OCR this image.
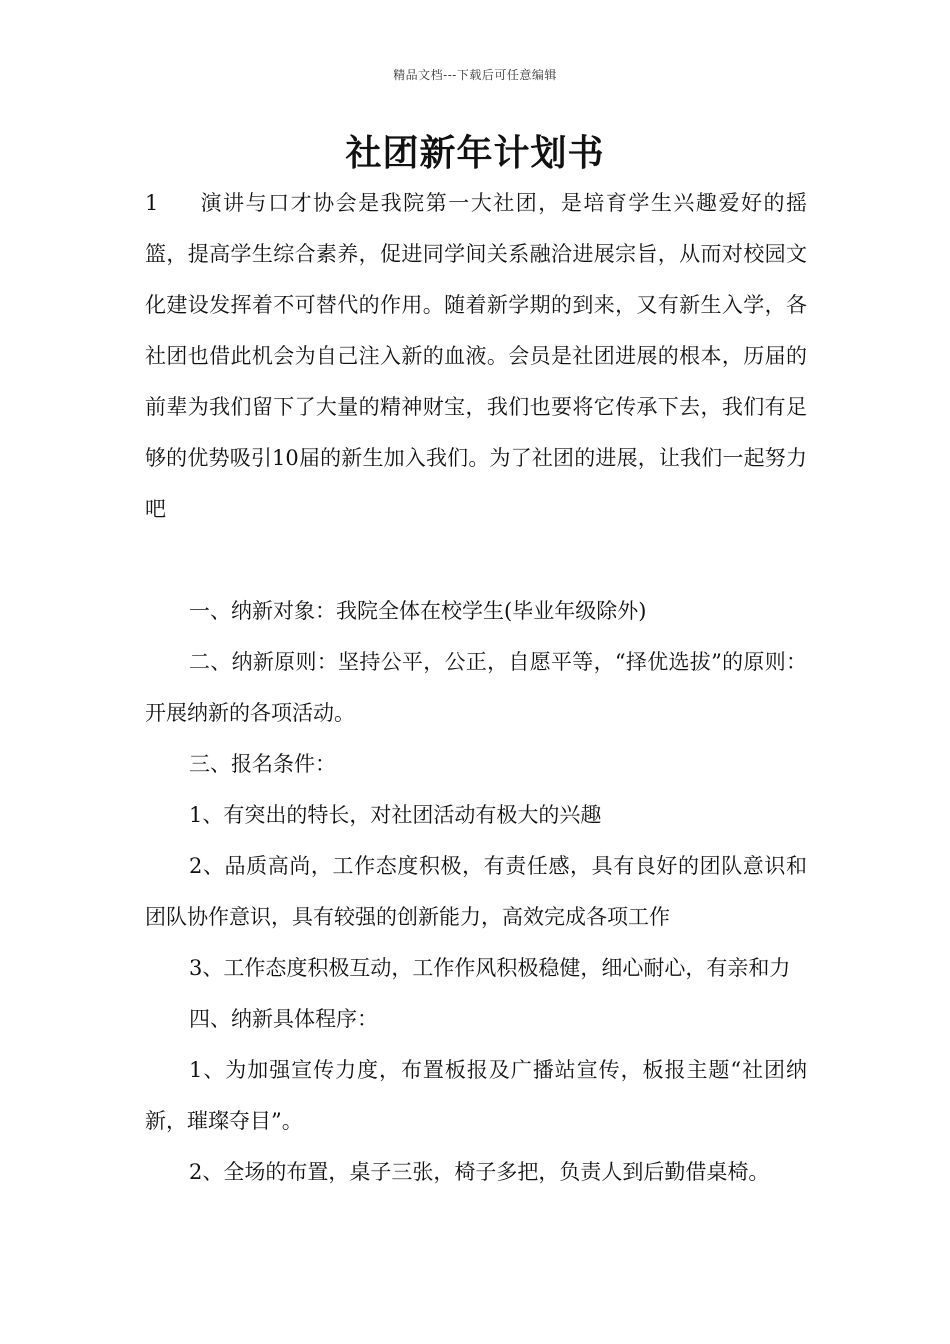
精品文档---下载后可任意编辑
社团新年计划书

1 演讲与口才协会是我院第一大社团，是培育学生兴趣爱好的摇篮，提高学生综合素养，促进同学间关系融洽进展宗旨，从而对校园文化建设发挥着不可替代的作用。随着新学期的到来，又有新生入学，各社团也借此机会为自己注入新的血液。会员是社团进展的根本，历届的前辈为我们留下了大量的精神财宝，我们也要将它传承下去，我们有足够的优势吸引10届的新生加入我们。为了社团的进展，让我们一起努力吧

一、纳新对象：我院全体在校学生(毕业年级除外)

二、纳新原则：坚持公平，公正，自愿平等，“择优选拔”的原则：开展纳新的各项活动。

三、报名条件：

1、有突出的特长，对社团活动有极大的兴趣

2、品质高尚，工作态度积极，有责任感，具有良好的团队意识和团队协作意识，具有较强的创新能力，高效完成各项工作

3、工作态度积极互动，工作作风积极稳健，细心耐心，有亲和力

四、纳新具体程序：

1、为加强宣传力度，布置板报及广播站宣传，板报主题“社团纳新，璀璨夺目”。

2、全场的布置，桌子三张，椅子多把，负责人到后勤借桌椅。
